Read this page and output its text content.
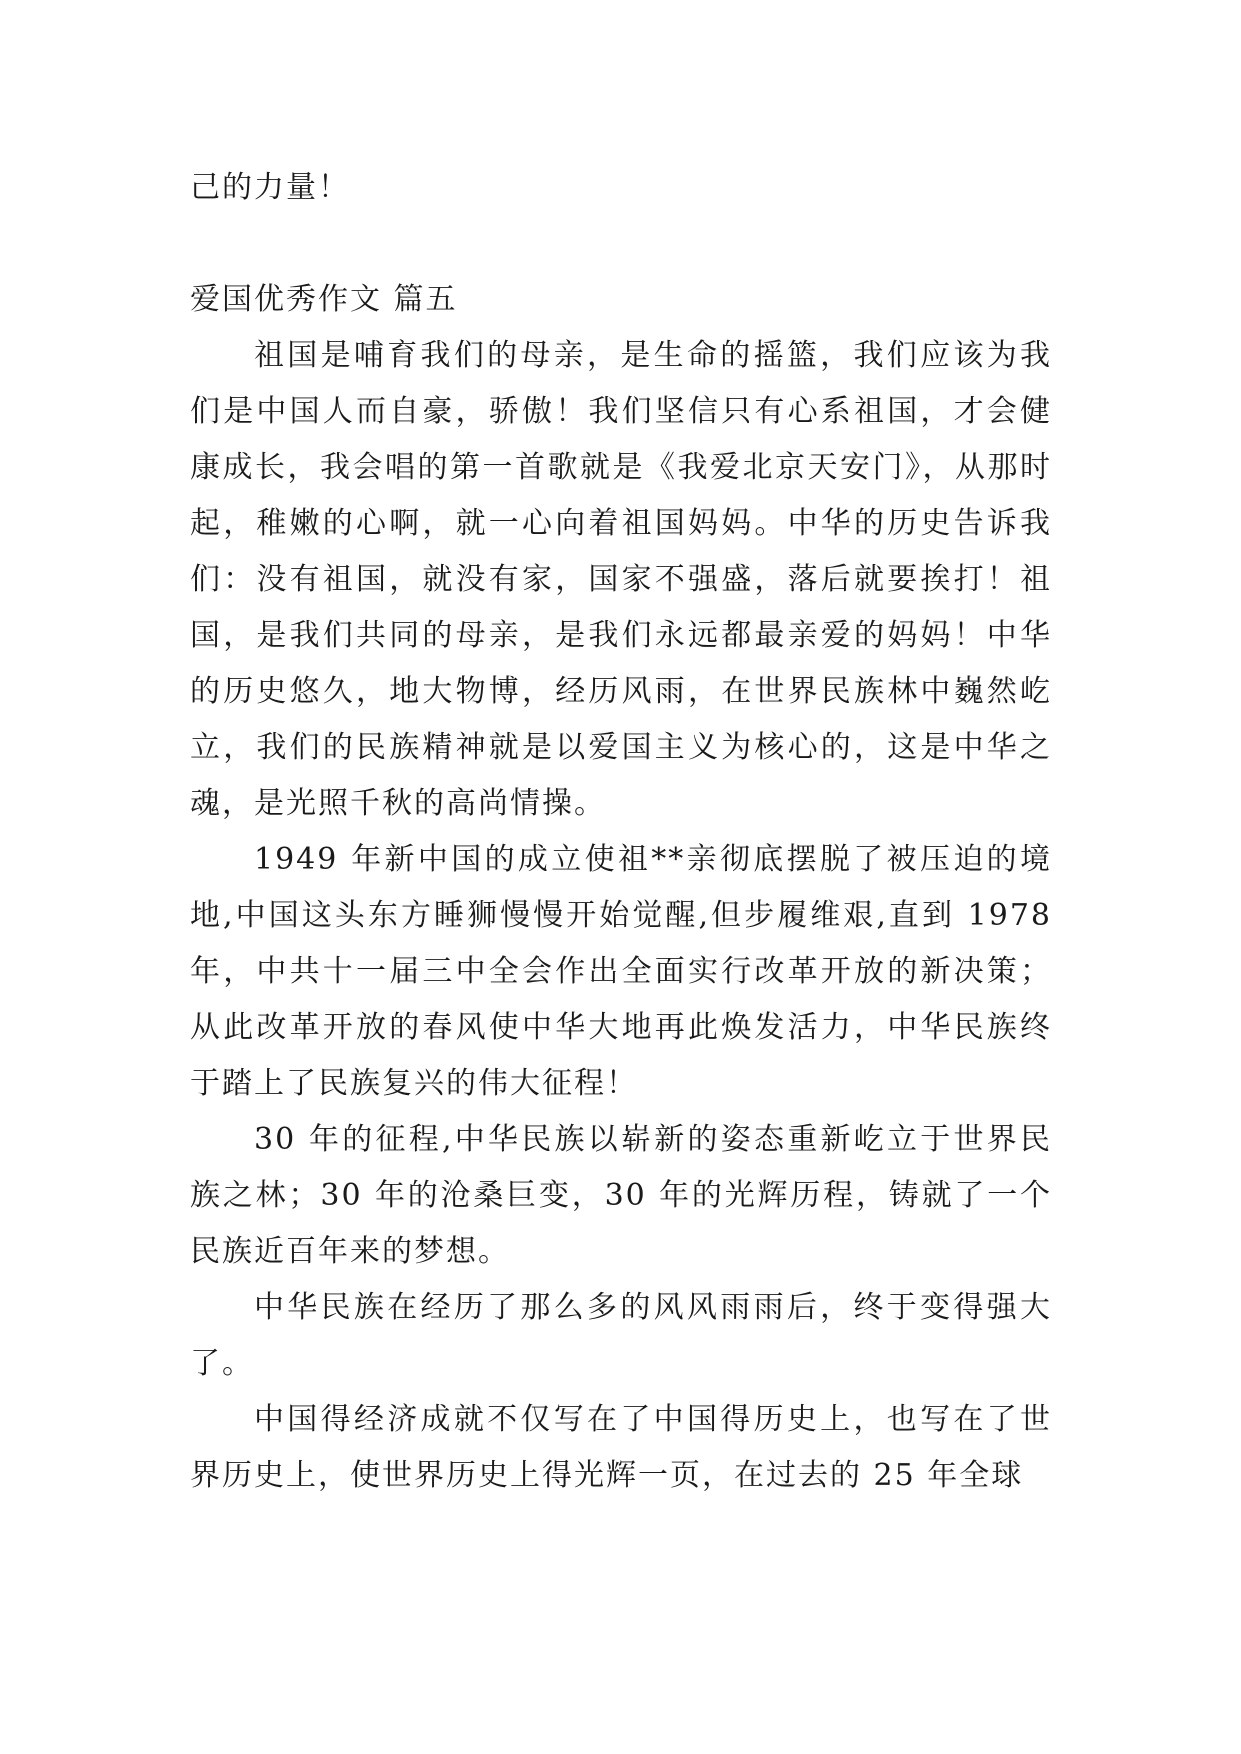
己的力量！

爱国优秀作文 篇五

祖国是哺育我们的母亲，是生命的摇篮，我们应该为我们是中国人而自豪，骄傲！我们坚信只有心系祖国，才会健康成长，我会唱的第一首歌就是《我爱北京天安门》，从那时起，稚嫩的心啊，就一心向着祖国妈妈。中华的历史告诉我们：没有祖国，就没有家，国家不强盛，落后就要挨打！祖国，是我们共同的母亲，是我们永远都最亲爱的妈妈！中华的历史悠久，地大物博，经历风雨，在世界民族林中巍然屹立，我们的民族精神就是以爱国主义为核心的，这是中华之魂，是光照千秋的高尚情操。

1949 年新中国的成立使祖**亲彻底摆脱了被压迫的境地,中国这头东方睡狮慢慢开始觉醒,但步履维艰,直到 1978 年，中共十一届三中全会作出全面实行改革开放的新决策；从此改革开放的春风使中华大地再此焕发活力，中华民族终于踏上了民族复兴的伟大征程！

30 年的征程,中华民族以崭新的姿态重新屹立于世界民族之林；30 年的沧桑巨变，30 年的光辉历程，铸就了一个民族近百年来的梦想。

中华民族在经历了那么多的风风雨雨后，终于变得强大了。

中国得经济成就不仅写在了中国得历史上，也写在了世界历史上，使世界历史上得光辉一页，在过去的 25 年全球
